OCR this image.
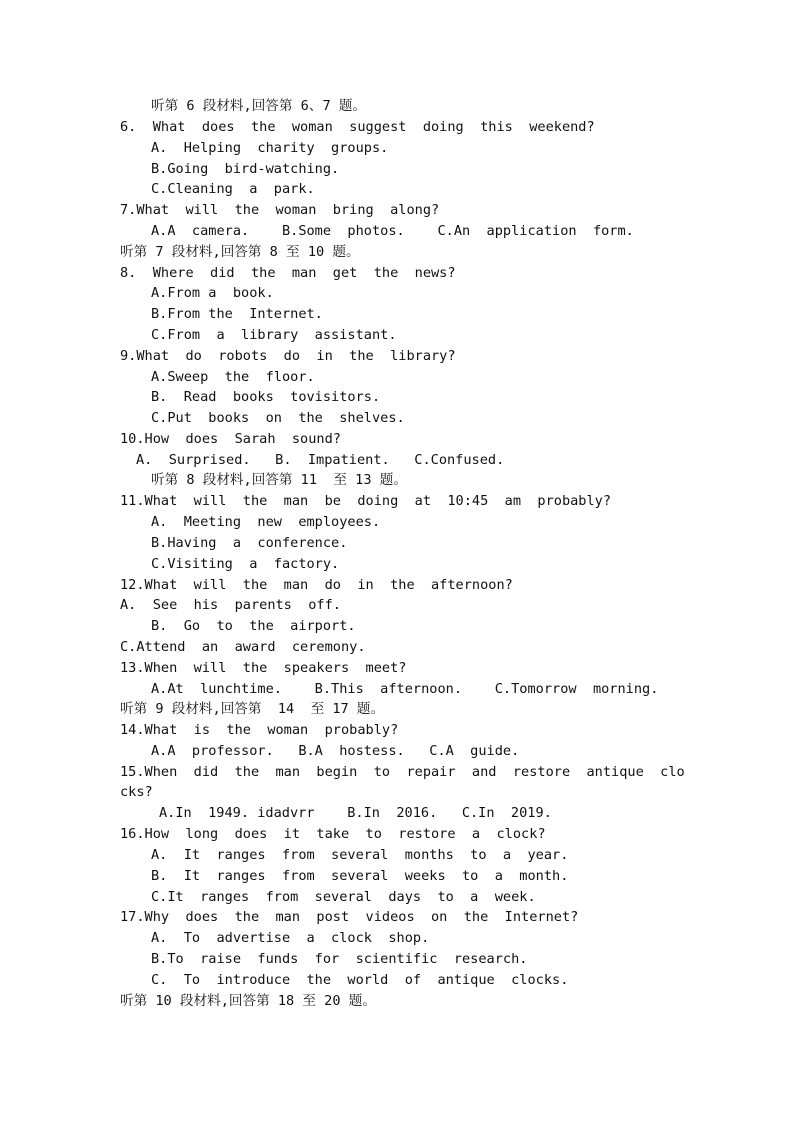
听第 6 段材料,回答第 6、7 题。
6.  What  does  the  woman  suggest  doing  this  weekend?
A.  Helping  charity  groups.
B.Going  bird-watching.
C.Cleaning  a  park.
7.What  will  the  woman  bring  along?
A.A  camera.    B.Some  photos.    C.An  application  form.
听第 7 段材料,回答第 8 至 10 题。
8.  Where  did  the  man  get  the  news?
A.From a  book.
B.From the  Internet.
C.From  a  library  assistant.
9.What  do  robots  do  in  the  library?
A.Sweep  the  floor.
B.  Read  books  tovisitors.
C.Put  books  on  the  shelves.
10.How  does  Sarah  sound?
A.  Surprised.   B.  Impatient.   C.Confused.
听第 8 段材料,回答第 11  至 13 题。
11.What  will  the  man  be  doing  at  10:45  am  probably?
A.  Meeting  new  employees.
B.Having  a  conference.
C.Visiting  a  factory.
12.What  will  the  man  do  in  the  afternoon?
A.  See  his  parents  off.
B.  Go  to  the  airport.
C.Attend  an  award  ceremony.
13.When  will  the  speakers  meet?
A.At  lunchtime.    B.This  afternoon.    C.Tomorrow  morning.
听第 9 段材料,回答第  14  至 17 题。
14.What  is  the  woman  probably?
A.A  professor.   B.A  hostess.   C.A  guide.
15.When  did  the  man  begin  to  repair  and  restore  antique  clo
cks?
A.In  1949. idadvrr    B.In  2016.   C.In  2019.
16.How  long  does  it  take  to  restore  a  clock?
A.  It  ranges  from  several  months  to  a  year.
B.  It  ranges  from  several  weeks  to  a  month.
C.It  ranges  from  several  days  to  a  week.
17.Why  does  the  man  post  videos  on  the  Internet?
A.  To  advertise  a  clock  shop.
B.To  raise  funds  for  scientific  research.
C.  To  introduce  the  world  of  antique  clocks.
听第 10 段材料,回答第 18 至 20 题。
